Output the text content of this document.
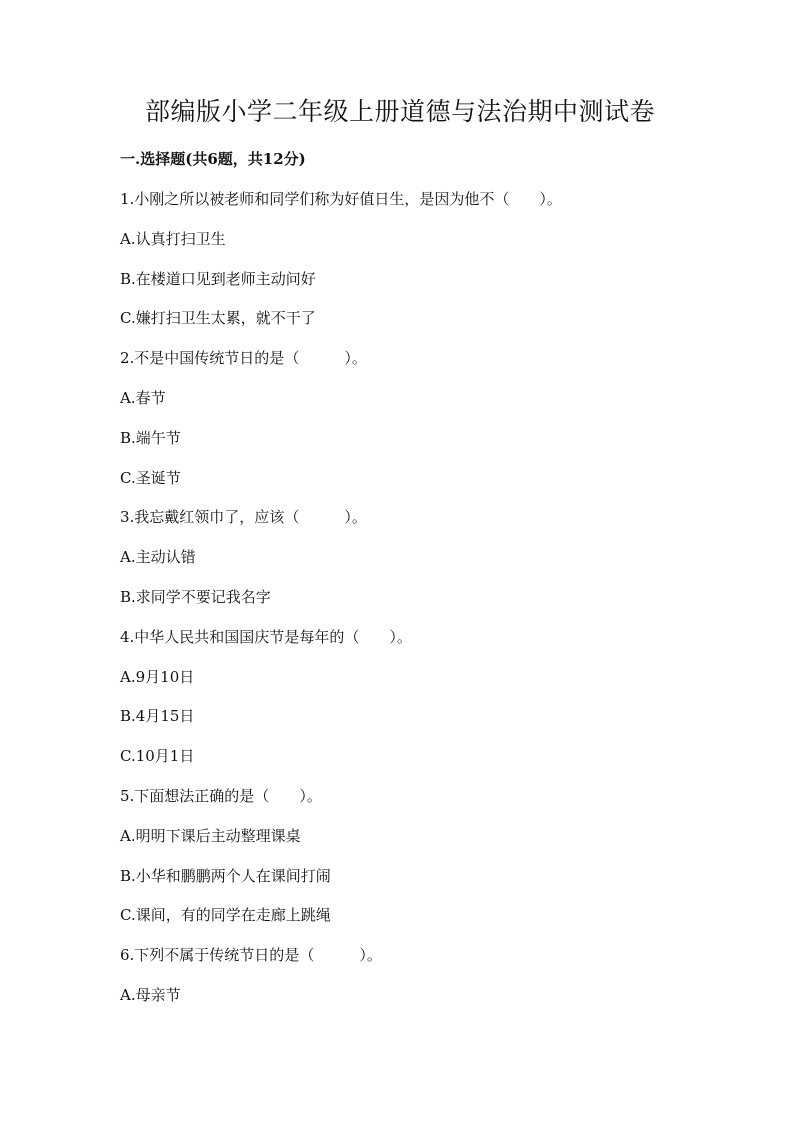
部编版小学二年级上册道德与法治期中测试卷
一.选择题(共6题，共12分)
1.小刚之所以被老师和同学们称为好值日生，是因为他不（　　）。
A.认真打扫卫生
B.在楼道口见到老师主动问好
C.嫌打扫卫生太累，就不干了
2.不是中国传统节日的是（　　　）。
A.春节
B.端午节
C.圣诞节
3.我忘戴红领巾了，应该（　　　）。
A.主动认错
B.求同学不要记我名字
4.中华人民共和国国庆节是每年的（　　）。
A.9月10日
B.4月15日
C.10月1日
5.下面想法正确的是（　　）。
A.明明下课后主动整理课桌
B.小华和鹏鹏两个人在课间打闹
C.课间，有的同学在走廊上跳绳
6.下列不属于传统节日的是（　　　）。
A.母亲节
